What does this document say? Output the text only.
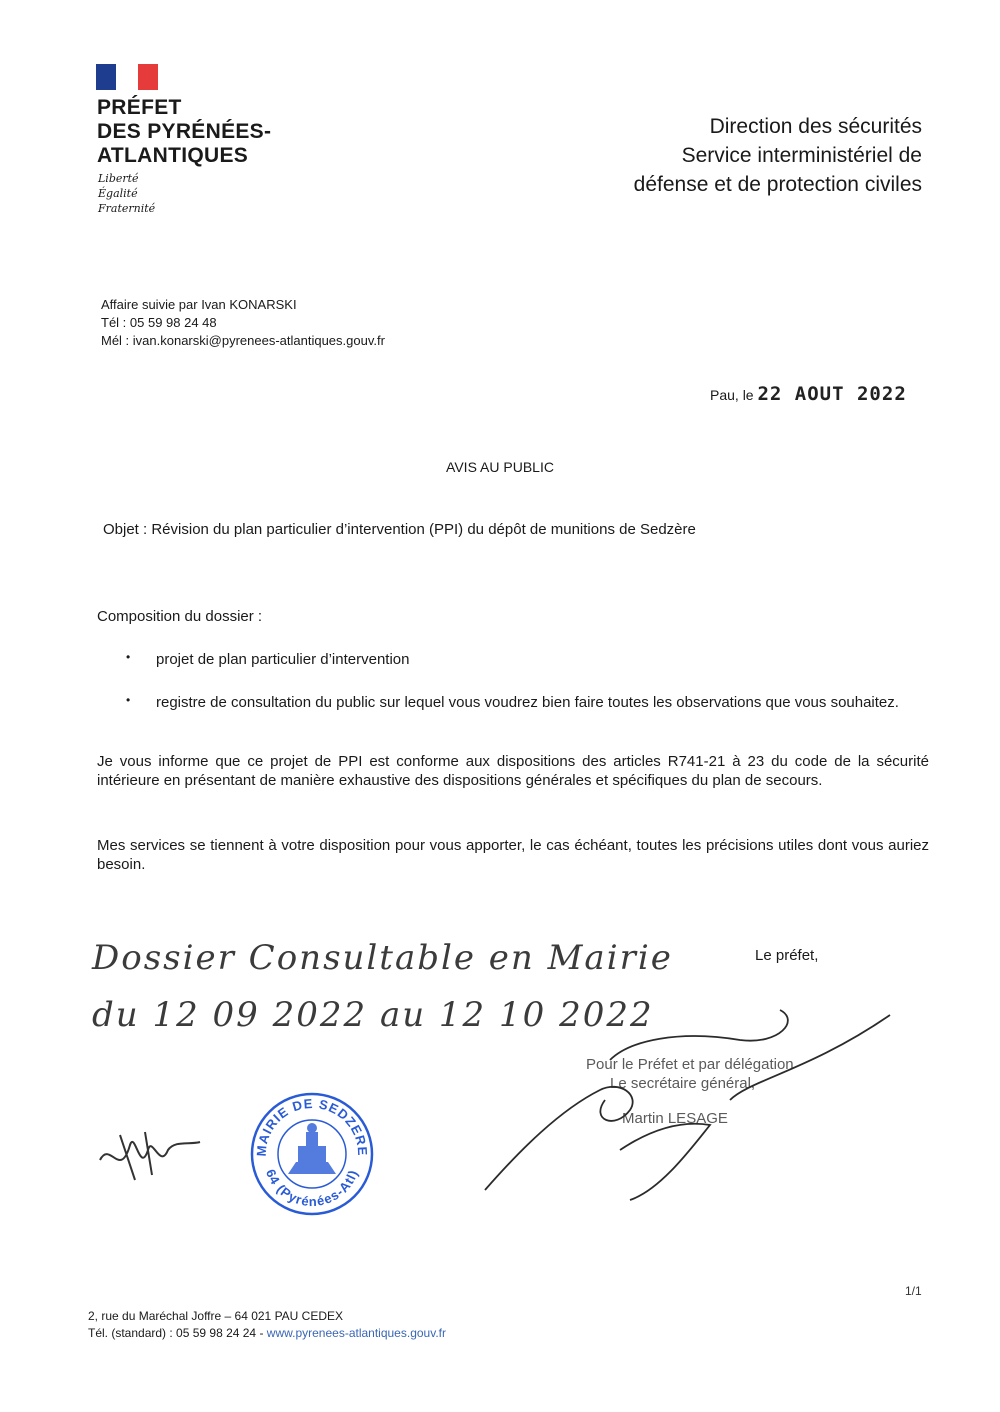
PRÉFET
DES PYRÉNÉES-
ATLANTIQUES
Liberté
Égalité
Fraternité
Direction des sécurités
Service interministériel de
défense et de protection civiles
Affaire suivie par Ivan KONARSKI
Tél : 05 59 98 24 48
Mél : ivan.konarski@pyrenees-atlantiques.gouv.fr
Pau, le 22 AOUT 2022
AVIS AU PUBLIC
Objet : Révision du plan particulier d’intervention (PPI) du dépôt de munitions de Sedzère
Composition du dossier :
• projet de plan particulier d’intervention
• registre de consultation du public sur lequel vous voudrez bien faire toutes les observations que vous souhaitez.
Je vous informe que ce projet de PPI est conforme aux dispositions des articles R741-21 à 23 du code de la sécurité intérieure en présentant de manière exhaustive des dispositions générales et spécifiques du plan de secours.
Mes services se tiennent à votre disposition pour vous apporter, le cas échéant, toutes les précisions utiles dont vous auriez besoin.
Dossier Consultable en Mairie
du 12 09 2022 au 12 10 2022
Le préfet,
Pour le Préfet et par délégation
Le secrétaire général,
Martin LESAGE
MAIRIE DE SEDZERE
64 (Pyrénées-Atl)
1/1
2, rue du Maréchal Joffre – 64 021 PAU CEDEX
Tél. (standard) : 05 59 98 24 24 - www.pyrenees-atlantiques.gouv.fr
